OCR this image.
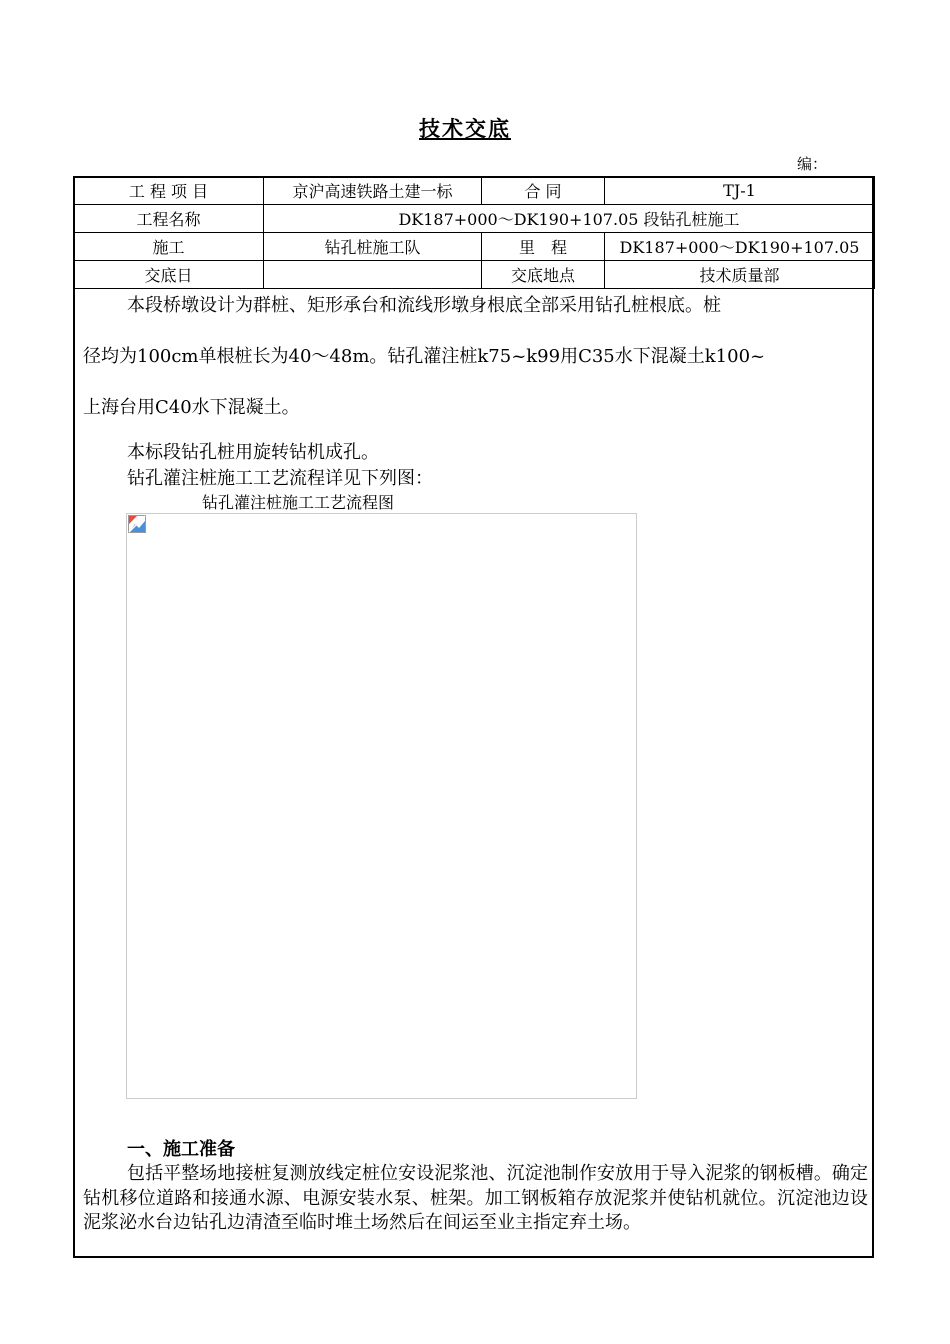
技术交底
编：
工 程 项 目	京沪高速铁路土建一标	合 同	TJ-1
工程名称	DK187+000～DK190+107.05 段钻孔桩施工		
施工	钻孔桩施工队	里　程	DK187+000～DK190+107.05
交底日		交底地点	技术质量部

本段桥墩设计为群桩、矩形承台和流线形墩身根底全部采用钻孔桩根底。桩

径均为100cm单根桩长为40～48m。钻孔灌注桩k75~k99用C35水下混凝土k100~

上海台用C40水下混凝土。

本标段钻孔桩用旋转钻机成孔。

钻孔灌注桩施工工艺流程详见下列图：

钻孔灌注桩施工工艺流程图

一、施工准备

包括平整场地接桩复测放线定桩位安设泥浆池、沉淀池制作安放用于导入泥浆的钢板槽。确定钻机移位道路和接通水源、电源安装水泵、桩架。加工钢板箱存放泥浆并使钻机就位。沉淀池边设泥浆泌水台边钻孔边清渣至临时堆土场然后在间运至业主指定弃土场。
